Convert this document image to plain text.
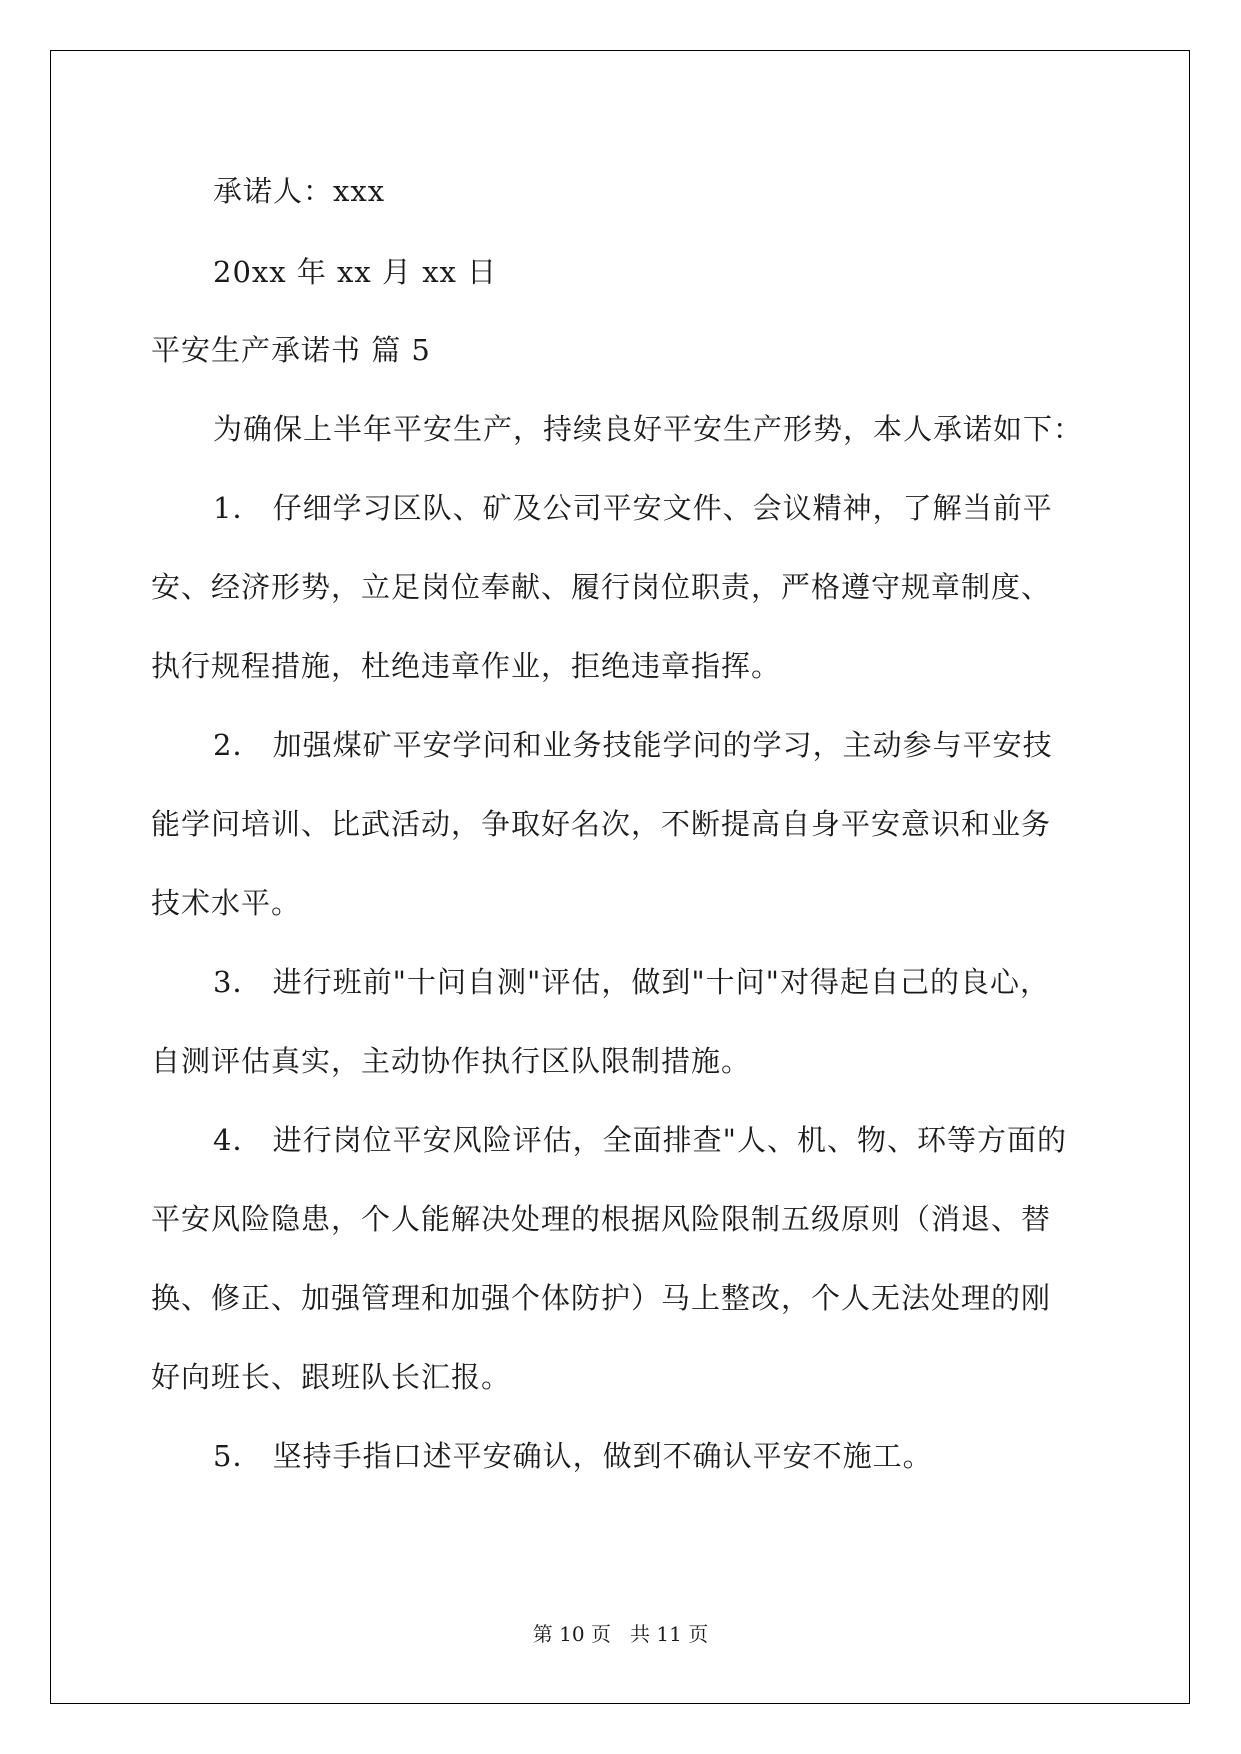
承诺人：xxx
20xx 年 xx 月 xx 日
平安生产承诺书 篇 5
为确保上半年平安生产，持续良好平安生产形势，本人承诺如下：
1． 仔细学习区队、矿及公司平安文件、会议精神，了解当前平
安、经济形势，立足岗位奉献、履行岗位职责，严格遵守规章制度、
执行规程措施，杜绝违章作业，拒绝违章指挥。
2． 加强煤矿平安学问和业务技能学问的学习，主动参与平安技
能学问培训、比武活动，争取好名次，不断提高自身平安意识和业务
技术水平。
3． 进行班前"十问自测"评估，做到"十问"对得起自己的良心，
自测评估真实，主动协作执行区队限制措施。
4． 进行岗位平安风险评估，全面排查"人、机、物、环等方面的
平安风险隐患，个人能解决处理的根据风险限制五级原则（消退、替
换、修正、加强管理和加强个体防护）马上整改，个人无法处理的刚
好向班长、跟班队长汇报。
5． 坚持手指口述平安确认，做到不确认平安不施工。
第 10 页   共 11 页
